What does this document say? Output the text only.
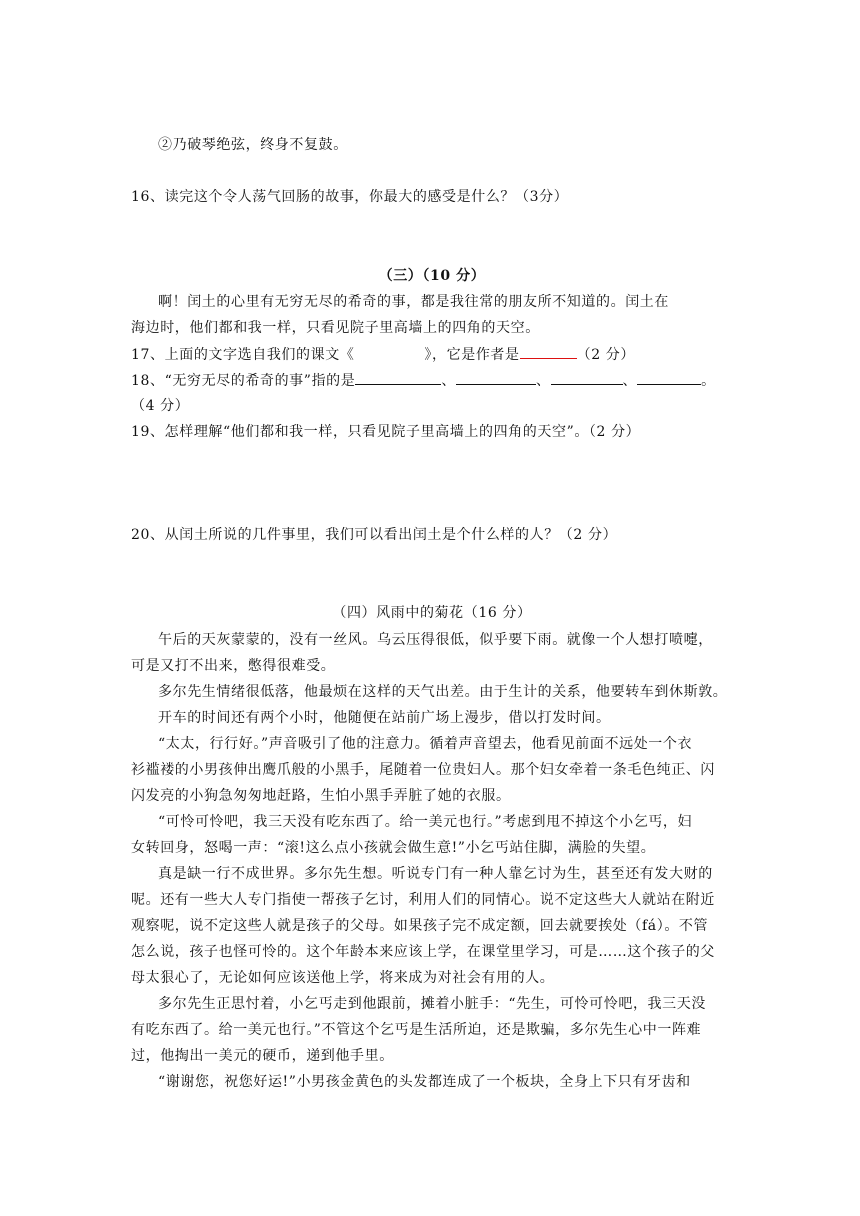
②乃破琴绝弦，终身不复鼓。
16、读完这个令人荡气回肠的故事，你最大的感受是什么？（3分）
（三）（10 分）
啊！闰土的心里有无穷无尽的希奇的事，都是我往常的朋友所不知道的。闰土在
海边时，他们都和我一样，只看见院子里高墙上的四角的天空。
17、上面的文字选自我们的课文《	》，它是作者是	（2 分）
18、“无穷无尽的希奇的事”指的是	、	、	、	。
（4 分）
19、怎样理解“他们都和我一样，只看见院子里高墙上的四角的天空”。（2 分）
20、从闰土所说的几件事里，我们可以看出闰土是个什么样的人？（2 分）
（四）风雨中的菊花（16 分）
午后的天灰蒙蒙的，没有一丝风。乌云压得很低，似乎要下雨。就像一个人想打喷嚏，
可是又打不出来，憋得很难受。
多尔先生情绪很低落，他最烦在这样的天气出差。由于生计的关系，他要转车到休斯敦。
开车的时间还有两个小时，他随便在站前广场上漫步，借以打发时间。
“太太，行行好。”声音吸引了他的注意力。循着声音望去，他看见前面不远处一个衣
衫褴褛的小男孩伸出鹰爪般的小黑手，尾随着一位贵妇人。那个妇女牵着一条毛色纯正、闪
闪发亮的小狗急匆匆地赶路，生怕小黑手弄脏了她的衣服。
“可怜可怜吧，我三天没有吃东西了。给一美元也行。”考虑到甩不掉这个小乞丐，妇
女转回身，怒喝一声：“滚!这么点小孩就会做生意!”小乞丐站住脚，满脸的失望。
真是缺一行不成世界。多尔先生想。听说专门有一种人靠乞讨为生，甚至还有发大财的
呢。还有一些大人专门指使一帮孩子乞讨，利用人们的同情心。说不定这些大人就站在附近
观察呢，说不定这些人就是孩子的父母。如果孩子完不成定额，回去就要挨处（fá）。不管
怎么说，孩子也怪可怜的。这个年龄本来应该上学，在课堂里学习，可是……这个孩子的父
母太狠心了，无论如何应该送他上学，将来成为对社会有用的人。
多尔先生正思忖着，小乞丐走到他跟前，摊着小脏手：“先生，可怜可怜吧，我三天没
有吃东西了。给一美元也行。”不管这个乞丐是生活所迫，还是欺骗，多尔先生心中一阵难
过，他掏出一美元的硬币，递到他手里。
“谢谢您，祝您好运!”小男孩金黄色的头发都连成了一个板块，全身上下只有牙齿和
